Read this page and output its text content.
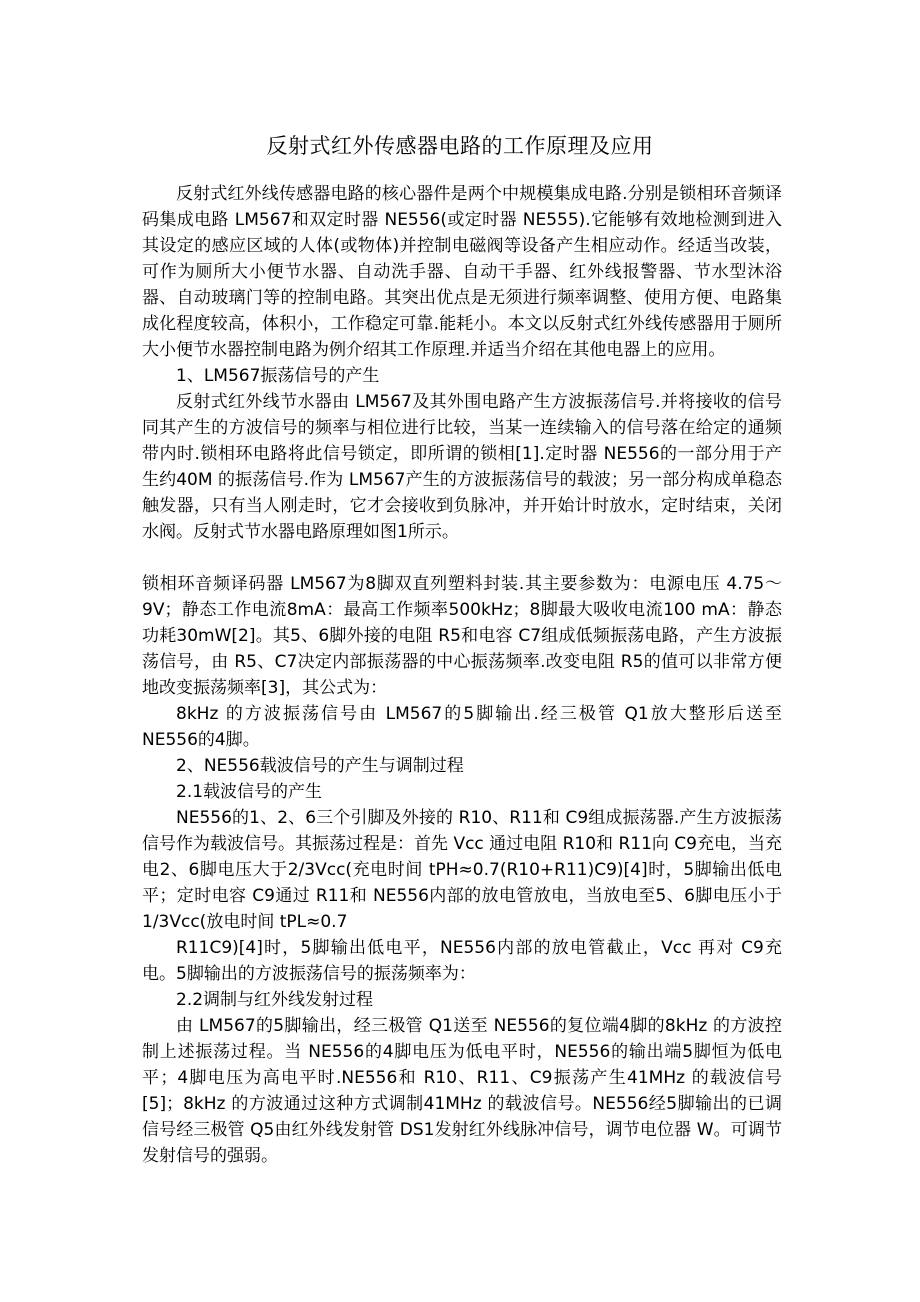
反射式红外传感器电路的工作原理及应用

反射式红外线传感器电路的核心器件是两个中规模集成电路.分别是锁相环音频译码集成电路 LM567和双定时器 NE556(或定时器 NE555).它能够有效地检测到进入其设定的感应区域的人体(或物体)并控制电磁阀等设备产生相应动作。经适当改装，可作为厕所大小便节水器、自动洗手器、自动干手器、红外线报警器、节水型沐浴器、自动玻璃门等的控制电路。其突出优点是无须进行频率调整、使用方便、电路集成化程度较高，体积小，工作稳定可靠.能耗小。本文以反射式红外线传感器用于厕所大小便节水器控制电路为例介绍其工作原理.并适当介绍在其他电器上的应用。

1、LM567振荡信号的产生

反射式红外线节水器由 LM567及其外围电路产生方波振荡信号.并将接收的信号同其产生的方波信号的频率与相位进行比较，当某一连续输入的信号落在给定的通频带内时.锁相环电路将此信号锁定，即所谓的锁相[1].定时器 NE556的一部分用于产生约40M 的振荡信号.作为 LM567产生的方波振荡信号的载波；另一部分构成单稳态触发器，只有当人刚走时，它才会接收到负脉冲，并开始计时放水，定时结束，关闭水阀。反射式节水器电路原理如图1所示。

锁相环音频译码器 LM567为8脚双直列塑料封装.其主要参数为：电源电压 4.75～9V；静态工作电流8mA：最高工作频率500kHz；8脚最大吸收电流100 mA：静态功耗30mW[2]。其5、6脚外接的电阻 R5和电容 C7组成低频振荡电路，产生方波振荡信号，由 R5、C7决定内部振荡器的中心振荡频率.改变电阻 R5的值可以非常方便地改变振荡频率[3]，其公式为：

8kHz 的方波振荡信号由 LM567的5脚输出.经三极管 Q1放大整形后送至 NE556的4脚。

2、NE556载波信号的产生与调制过程

2.1载波信号的产生

NE556的1、2、6三个引脚及外接的 R10、R11和 C9组成振荡器.产生方波振荡信号作为载波信号。其振荡过程是：首先 Vcc 通过电阻 R10和 R11向 C9充电，当充电2、6脚电压大于2/3Vcc(充电时间 tPH≈0.7(R10+R11)C9)[4]时，5脚输出低电平；定时电容 C9通过 R11和 NE556内部的放电管放电，当放电至5、6脚电压小于1/3Vcc(放电时间 tPL≈0.7

R11C9)[4]时，5脚输出低电平，NE556内部的放电管截止，Vcc 再对 C9充电。5脚输出的方波振荡信号的振荡频率为：

2.2调制与红外线发射过程

由 LM567的5脚输出，经三极管 Q1送至 NE556的复位端4脚的8kHz 的方波控制上述振荡过程。当 NE556的4脚电压为低电平时，NE556的输出端5脚恒为低电平；4脚电压为高电平时.NE556和 R10、R11、C9振荡产生41MHz 的载波信号[5]；8kHz 的方波通过这种方式调制41MHz 的载波信号。NE556经5脚输出的已调信号经三极管 Q5由红外线发射管 DS1发射红外线脉冲信号，调节电位器 W。可调节发射信号的强弱。
